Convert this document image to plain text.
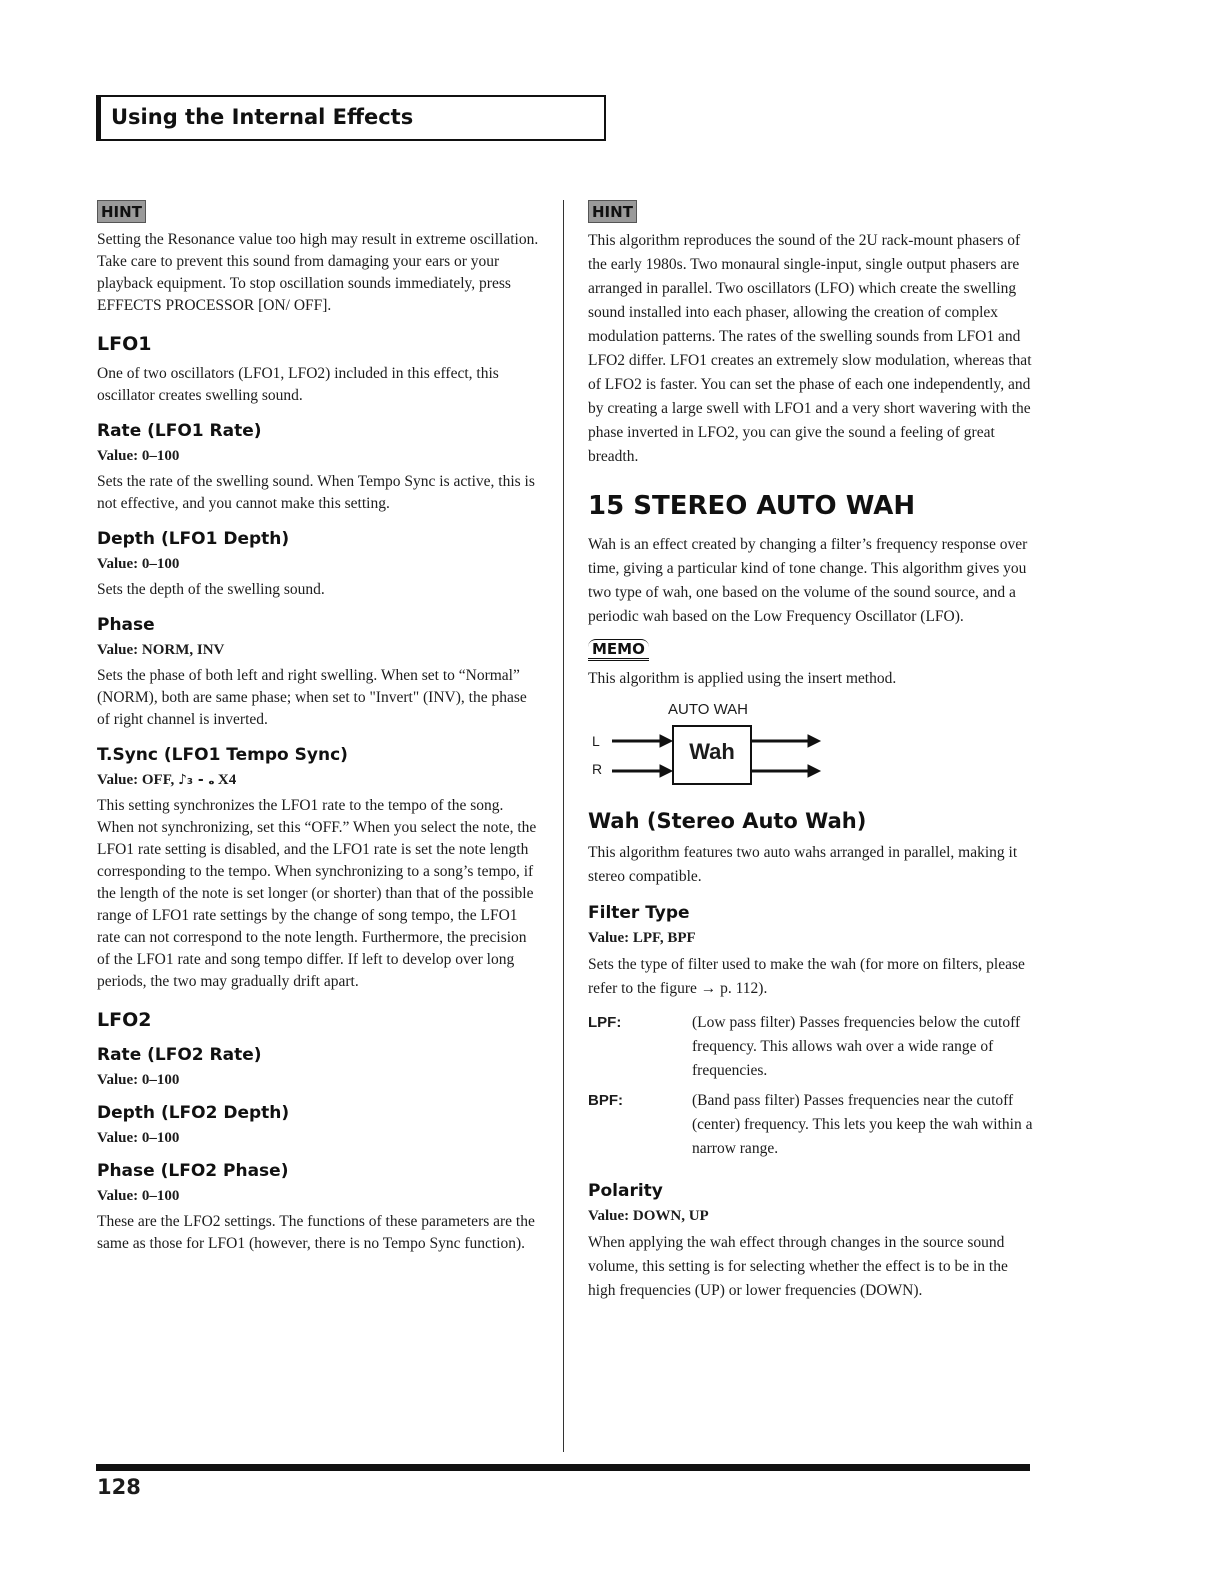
Using the Internal Effects
HINT

Setting the Resonance value too high may result in extreme oscillation. Take care to prevent this sound from damaging your ears or your playback equipment. To stop oscillation sounds immediately, press EFFECTS PROCESSOR [ON/ OFF].

LFO1

One of two oscillators (LFO1, LFO2) included in this effect, this oscillator creates swelling sound.

Rate (LFO1 Rate)
Value: 0–100

Sets the rate of the swelling sound. When Tempo Sync is active, this is not effective, and you cannot make this setting.

Depth (LFO1 Depth)
Value: 0–100

Sets the depth of the swelling sound.

Phase
Value: NORM, INV

Sets the phase of both left and right swelling. When set to “Normal” (NORM), both are same phase; when set to "Invert" (INV), the phase of right channel is inverted.

T.Sync (LFO1 Tempo Sync)
Value: OFF, ♪₃ - 𝅝 X4

This setting synchronizes the LFO1 rate to the tempo of the song. When not synchronizing, set this “OFF.” When you select the note, the LFO1 rate setting is disabled, and the LFO1 rate is set the note length corresponding to the tempo. When synchronizing to a song’s tempo, if the length of the note is set longer (or shorter) than that of the possible range of LFO1 rate settings by the change of song tempo, the LFO1 rate can not correspond to the note length. Furthermore, the precision of the LFO1 rate and song tempo differ. If left to develop over long periods, the two may gradually drift apart.

LFO2
Rate (LFO2 Rate)
Value: 0–100
Depth (LFO2 Depth)
Value: 0–100
Phase (LFO2 Phase)
Value: 0–100

These are the LFO2 settings. The functions of these parameters are the same as those for LFO1 (however, there is no Tempo Sync function).

HINT

This algorithm reproduces the sound of the 2U rack-mount phasers of the early 1980s. Two monaural single-input, single output phasers are arranged in parallel. Two oscillators (LFO) which create the swelling sound installed into each phaser, allowing the creation of complex modulation patterns. The rates of the swelling sounds from LFO1 and LFO2 differ. LFO1 creates an extremely slow modulation, whereas that of LFO2 is faster. You can set the phase of each one independently, and by creating a large swell with LFO1 and a very short wavering with the phase inverted in LFO2, you can give the sound a feeling of great breadth.

15 STEREO AUTO WAH

Wah is an effect created by changing a filter’s frequency response over time, giving a particular kind of tone change. This algorithm gives you two type of wah, one based on the volume of the sound source, and a periodic wah based on the Low Frequency Oscillator (LFO).

MEMO

This algorithm is applied using the insert method.

AUTO WAH
L
R
Wah
Wah (Stereo Auto Wah)

This algorithm features two auto wahs arranged in parallel, making it stereo compatible.

Filter Type
Value: LPF, BPF

Sets the type of filter used to make the wah (for more on filters, please refer to the figure → p. 112).

LPF:	(Low pass filter) Passes frequencies below the cutoff frequency. This allows wah over a wide range of frequencies.
BPF:	(Band pass filter) Passes frequencies near the cutoff (center) frequency. This lets you keep the wah within a narrow range.
Polarity
Value: DOWN, UP

When applying the wah effect through changes in the source sound volume, this setting is for selecting whether the effect is to be in the high frequencies (UP) or lower frequencies (DOWN).

128
